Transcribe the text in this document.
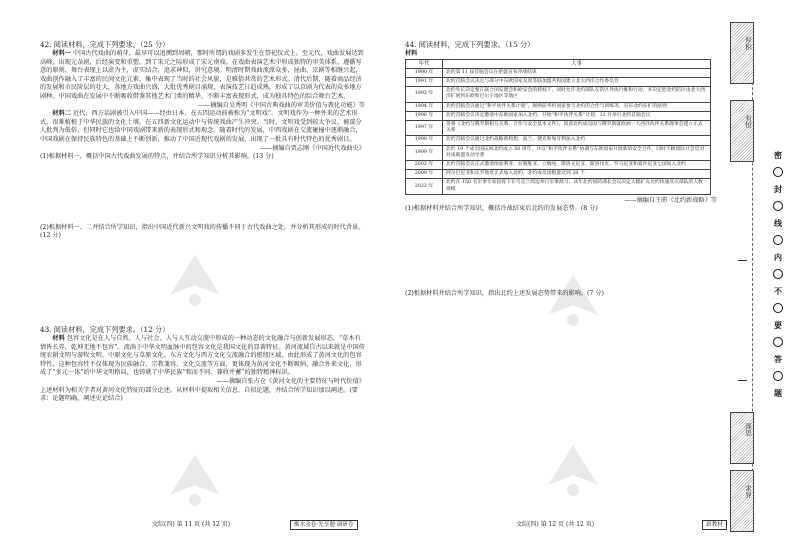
42. 阅读材料，完成下列要求。（25 分）

材料一 中国古代戏曲的萌芽，最早可以追溯到周朝，那时所谓的戏剧多发生在祭祀仪式上。至元代，戏曲发展达到高峰，出现元杂剧，后经演变和重塑，到了宋元之际形成了宋元南戏。在戏曲表演艺术中形成独特的审美体系，遵循写意的原则，舞台表现上以虚为主，虚实结合，追求神似，讲究意境。明清时期戏曲流派众多，昆曲、京剧等相继兴起，戏曲创作融入了丰富的民间文化元素，集中表现了当时的社会风貌，是雅俗共赏的艺术形式。清代后期，随着商品经济的发展和市民阶层的壮大，各地方戏曲兴盛，大批优秀剧目涌现，表演技艺日趋成熟，形成了以京剧为代表的众多地方剧种。中国戏曲在发展中不断吸收借鉴其他艺术门类的精华，不断丰富表现形式，成为独具特色的综合舞台艺术。

——摘编自吴秀明《中国古典戏曲的审美价值与教化功能》等

材料二 近代，西方话剧被引入中国——经由日本，在五四运动前被称为“文明戏”。文明戏作为一种外来的艺术形式，很难植根于中华民族的文化土壤，在五四新文化运动中与传统戏曲产生冲突。当时，文明戏受到较大争议，被部分人批判为低俗，但同时它也给中国戏剧带来新的表现形式和观念。随着时代的发展，中西戏剧在交流碰撞中逐渐融合，中国戏剧在保持民族特色的基础上不断创新，推动了中国近现代戏剧的发展，出现了一批具有时代特色的优秀剧目。

——摘编自贾志刚《中国近代戏曲史》

(1)根据材料一，概括中国古代戏曲发展的特点，并结合所学知识分析其影响。(13 分)

(2)根据材料一、二并结合所学知识，指出中国近代新兴文明戏的传播不同于古代戏曲之处，并分析其形成的时代背景。(12 分)

43. 阅读材料，完成下列要求。（12 分）

材料 包容文化是在人与自然、人与社会、人与人互动交流中形成的一种动态的文化融合与创新发展形态。“草木有情皆长养，乾坤无地不包容”。流淌于中华文明血脉中的包容文化是我国文化的显著特征。黄河流域自古以来就是中国传统农耕文明与游牧文明、中原文化与草原文化、东方文化与西方文化交流融合的枢纽区域，由此形成了黄河文化的包容特性。这种包容性不仅体现为民族融合、宗教兼容、文化交流等方面，更体现为黄河文化不断吸纳、融合外来文化，形成了“多元一体”的中华文明格局，也铸就了中华民族“和而不同、兼收并蓄”的独特精神标识。

——摘编自张占仓《黄河文化的主要特征与时代价值》

上述材料为相关学者对黄河文化特征的部分论述。从材料中提取相关信息，自拟论题，并结合所学知识加以阐述。(要求：论题明确，阐述史论结合)

文综(四) 第 11 页 (共 12 页)	衡水金卷·先享题·调研卷

44. 阅读材料，完成下列要求。（15 分）

材料

年代	大事
1990 年	北约第 11 届首脑会议在伦敦宣布冷战结束
1991 年	北约首脑会议决定与部分中东欧国家及原苏联加盟共和国建立北大西洋合作委员会
1992 年	北约外长决定要在联合国安理会和欧安会的授权下，同时允许北约部队在防区外执行维和行动，并决定把北约防区由北大西洋扩展到东欧和巴尔干地区等地区
1994 年	北约首脑会议通过“和平伙伴关系计划”，吸纳前华约国家参与北约的合作与训练等，宣布北约东扩的原则
1996 年	北约首脑会议决定邀请中东欧国家加入北约，开始“和平伙伴关系”计划，12 月举行北约首脑会议
1997 年	签署《北约与俄罗斯相互关系、合作与安全基本文件》，同意北约成员国与俄罗斯就欧洲一大西洋伙伴关系理事会建立正式关系
1998 年	北约首脑会议通过北约战略新构想，波兰、捷克和匈牙利加入北约
1999 年	北约 19 个成员国庆祝北约成立 50 周年，并以“和平伙伴关系”协调与东欧国家开展新的安全合作，同时不顾国际社会反对对南联盟发动空袭
2002 年	北约首脑会议正式邀请保加利亚、拉脱维亚、立陶宛、斯洛文尼亚、斯洛伐克、罗马尼亚和爱沙尼亚七国加入北约
2009 年	阿尔巴尼亚和克罗地亚正式加入北约，北约成员国数量达到 28 个
2022 年	北约在 150 名军事专家指挥下在乌克兰周边举行军事演习，该年北约国防部长会议决定大幅扩充北约快速反应部队的人数规模

——摘编自王昉《北约新战略》等

(1)根据材料并结合所学知识，概括冷战结束后北约的发展态势。(8 分)

(2)根据材料并结合所学知识，指出北约上述发展态势带来的影响。(7 分)

文综(四) 第 12 页 (共 12 页)	新教材
密
封
线
内
不
要
答
题
厚积
有恒
深思
求异
